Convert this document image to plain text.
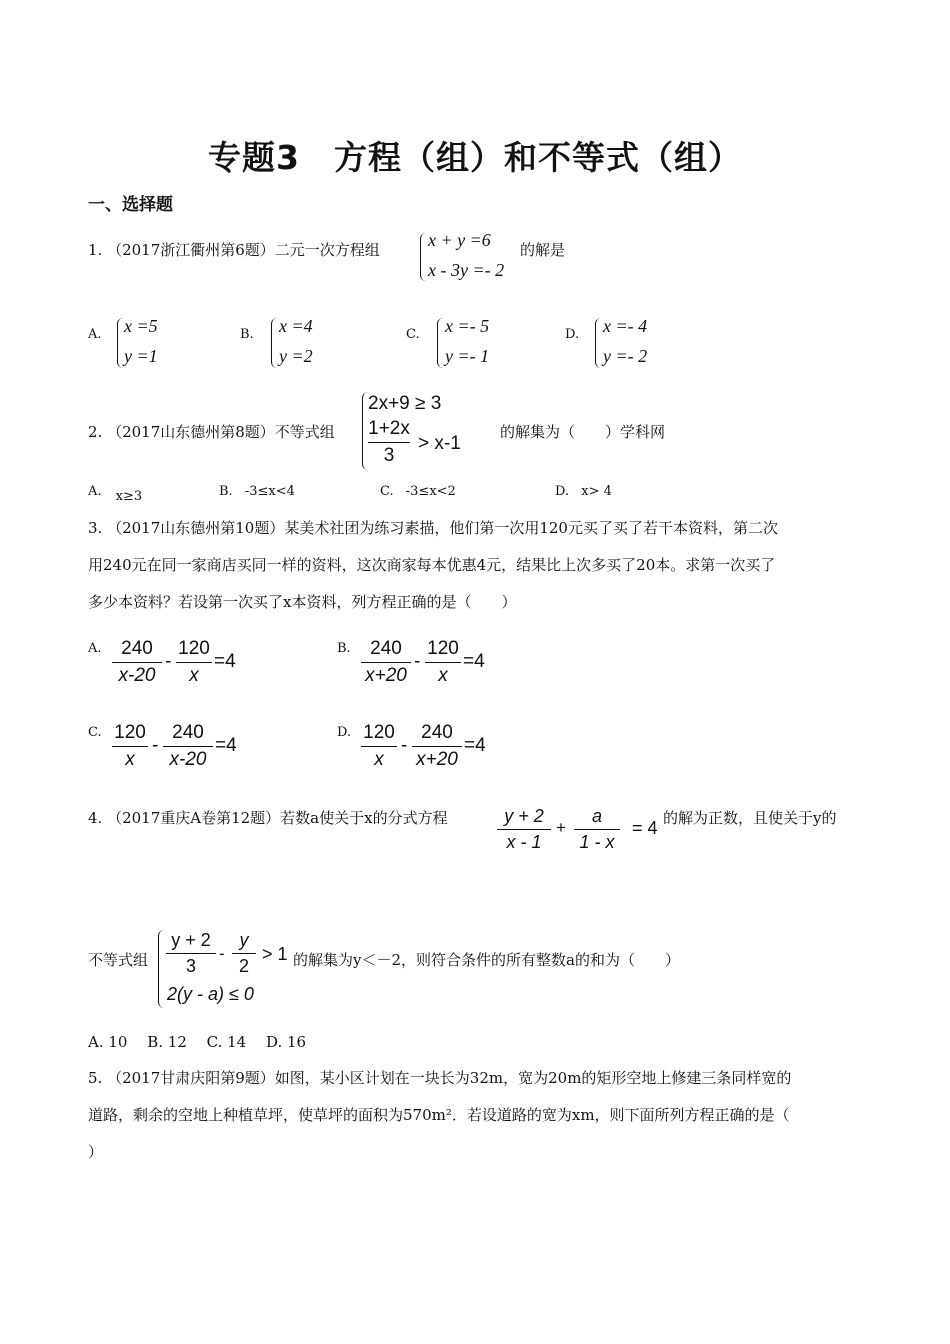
专题3　方程（组）和不等式（组）
一、选择题
1. （2017浙江衢州第6题）二元一次方程组	x + y =6
x - 3y =- 2
的解是
A. x =5
y =1
B. x =4
y =2
C. x =- 5
y =- 1
D. x =- 4
y =- 2
2. （2017山东德州第8题）不等式组
2x+9 ≥ 3
1+2x
3
> x-1
的解集为（　　）学科网
A. x≥3	B. -3≤x<4	C. -3≤x<2	D. x> 4
3. （2017山东德州第10题）某美术社团为练习素描，他们第一次用120元买了买了若干本资料，第二次
用240元在同一家商店买同一样的资料，这次商家每本优惠4元，结果比上次多买了20本。求第一次买了
多少本资料？若设第一次买了x本资料，列方程正确的是（　　）
A.	240
x-20
-
120
x
=4
B.	240
x+20
-
120
x
=4
C. 120
x
-
240
x-20
=4
D. 120
x
-
240
x+20
=4
4. （2017重庆A卷第12题）若数a使关于x的分式方程	y + 2
x - 1
+
a
1 - x
= 4 的解为正数，且使关于y的
不等式组
y + 2
3
-
y
2
> 1
2(y - a) ≤ 0
的解集为y＜－2，则符合条件的所有整数a的和为（　　）
A. 10　 B. 12　 C. 14　 D. 16
5. （2017甘肃庆阳第9题）如图，某小区计划在一块长为32m，宽为20m的矩形空地上修建三条同样宽的
道路，剩余的空地上种植草坪，使草坪的面积为570m²．若设道路的宽为xm，则下面所列方程正确的是（
）
